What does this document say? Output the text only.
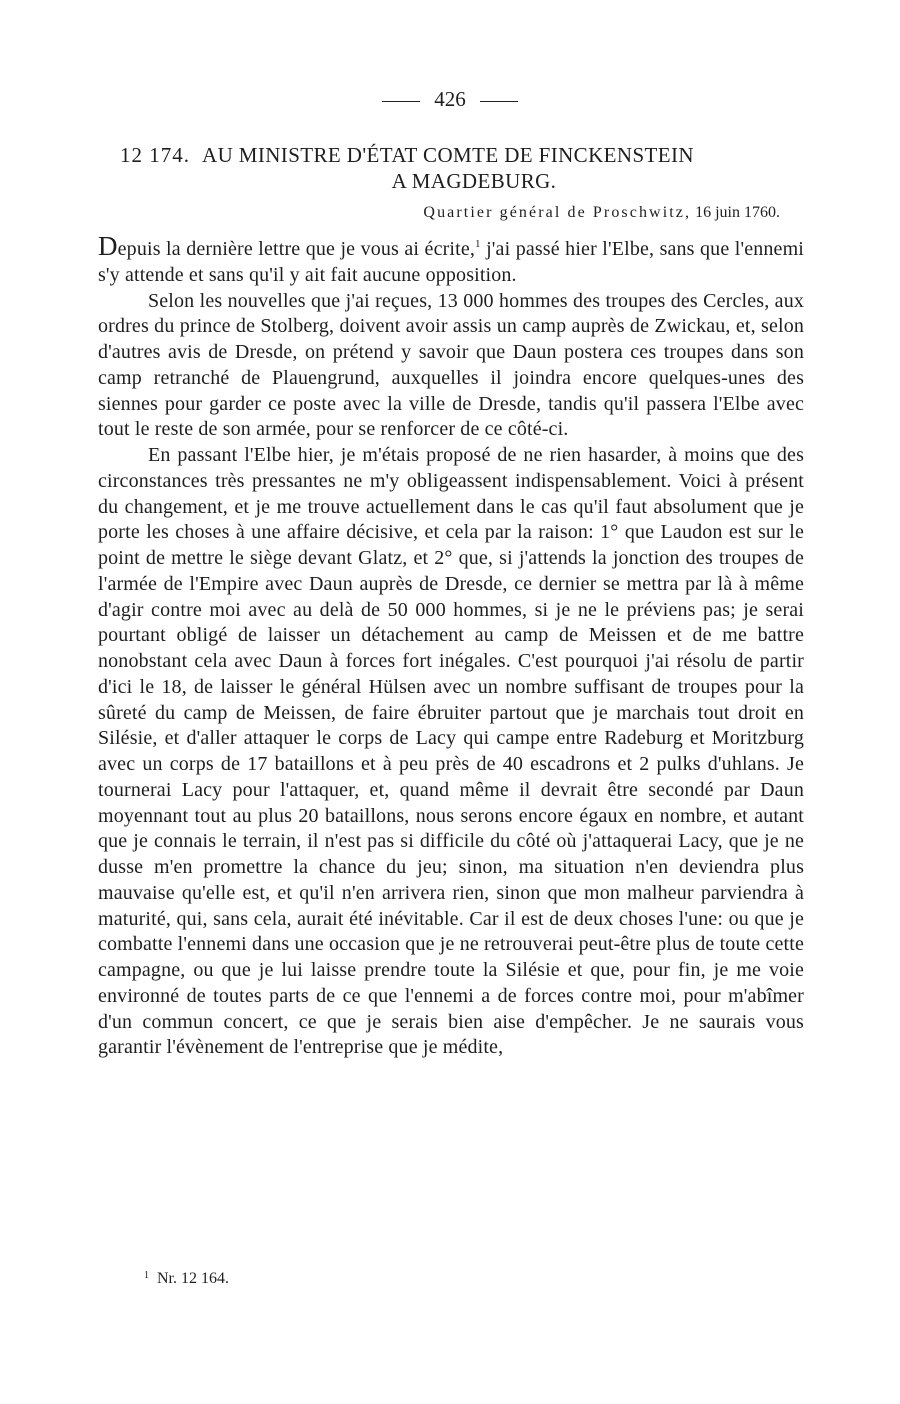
426
12 174. AU MINISTRE D'ÉTAT COMTE DE FINCKENSTEIN
A MAGDEBURG.
Quartier général de Proschwitz, 16 juin 1760.

Depuis la dernière lettre que je vous ai écrite,$^1$ j'ai passé hier l'Elbe, sans que l'ennemi s'y attende et sans qu'il y ait fait aucune opposition.

Selon les nouvelles que j'ai reçues, 13 000 hommes des troupes des Cercles, aux ordres du prince de Stolberg, doivent avoir assis un camp auprès de Zwickau, et, selon d'autres avis de Dresde, on prétend y savoir que Daun postera ces troupes dans son camp retranché de Plauengrund, auxquelles il joindra encore quelques-unes des siennes pour garder ce poste avec la ville de Dresde, tandis qu'il passera l'Elbe avec tout le reste de son armée, pour se renforcer de ce côté-ci.

En passant l'Elbe hier, je m'étais proposé de ne rien hasarder, à moins que des circonstances très pressantes ne m'y obligeassent indispensablement. Voici à présent du changement, et je me trouve actuellement dans le cas qu'il faut absolument que je porte les choses à une affaire décisive, et cela par la raison: 1° que Laudon est sur le point de mettre le siège devant Glatz, et 2° que, si j'attends la jonction des troupes de l'armée de l'Empire avec Daun auprès de Dresde, ce dernier se mettra par là à même d'agir contre moi avec au delà de 50 000 hommes, si je ne le préviens pas; je serai pourtant obligé de laisser un détachement au camp de Meissen et de me battre nonobstant cela avec Daun à forces fort inégales. C'est pourquoi j'ai résolu de partir d'ici le 18, de laisser le général Hülsen avec un nombre suffisant de troupes pour la sûreté du camp de Meissen, de faire ébruiter partout que je marchais tout droit en Silésie, et d'aller attaquer le corps de Lacy qui campe entre Radeburg et Moritzburg avec un corps de 17 bataillons et à peu près de 40 escadrons et 2 pulks d'uhlans. Je tournerai Lacy pour l'attaquer, et, quand même il devrait être secondé par Daun moyennant tout au plus 20 bataillons, nous serons encore égaux en nombre, et autant que je connais le terrain, il n'est pas si difficile du côté où j'attaquerai Lacy, que je ne dusse m'en promettre la chance du jeu; sinon, ma situation n'en deviendra plus mauvaise qu'elle est, et qu'il n'en arrivera rien, sinon que mon malheur parviendra à maturité, qui, sans cela, aurait été inévitable. Car il est de deux choses l'une: ou que je combatte l'ennemi dans une occasion que je ne retrouverai peut-être plus de toute cette campagne, ou que je lui laisse prendre toute la Silésie et que, pour fin, je me voie environné de toutes parts de ce que l'ennemi a de forces contre moi, pour m'abîmer d'un commun concert, ce que je serais bien aise d'empêcher. Je ne saurais vous garantir l'évènement de l'entreprise que je médite,

$^1$ Nr. 12 164.
